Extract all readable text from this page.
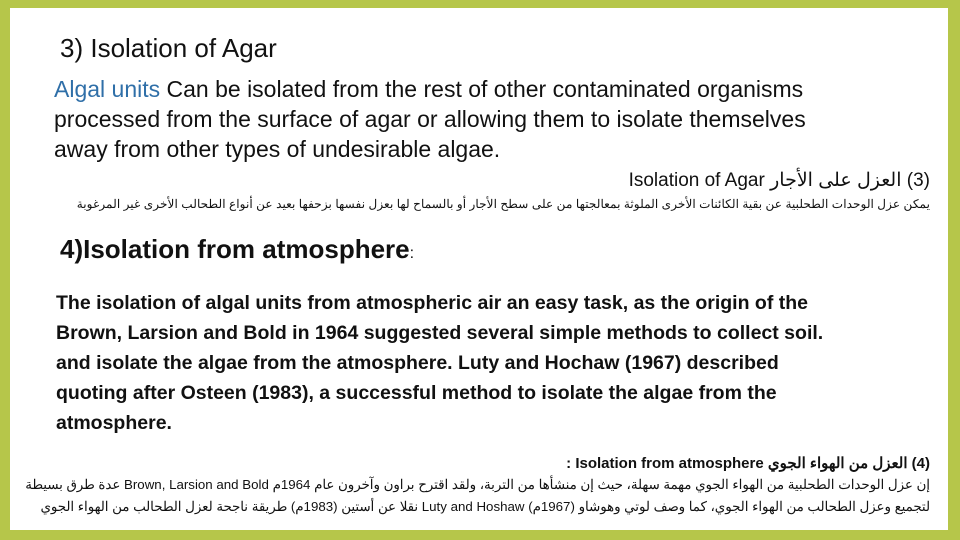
3) Isolation of Agar

Algal units Can be isolated from the rest of other contaminated organisms
processed from the surface of agar or allowing them to isolate themselves
away from other types of undesirable algae.

(3) العزل على الأجار Isolation of Agar

يمكن عزل الوحدات الطحلبية عن بقية الكائنات الأخرى الملوثة بمعالجتها من على سطح الأجار أو بالسماح لها بعزل نفسها بزحفها بعيد عن أنواع الطحالب الأخرى غير المرغوبة

4)Isolation from atmosphere:

The isolation of algal units from atmospheric air an easy task, as the origin of the
Brown, Larsion and Bold in 1964 suggested several simple methods to collect soil.
and isolate the algae from the atmosphere. Luty and Hochaw (1967) described
quoting after Osteen (1983), a successful method to isolate the algae from the
atmosphere.

(4) العزل من الهواء الجوي Isolation from atmosphere :

إن عزل الوحدات الطحلبية من الهواء الجوي مهمة سهلة، حيث إن منشأها من التربة، ولقد اقترح براون وآخرون عام 1964م Brown, Larsion and Bold عدة طرق بسيطة

لتجميع وعزل الطحالب من الهواء الجوي، كما وصف لوتي وهوشاو (1967م) Luty and Hoshaw نقلا عن أستين (1983م) طريقة ناجحة لعزل الطحالب من الهواء الجوي
